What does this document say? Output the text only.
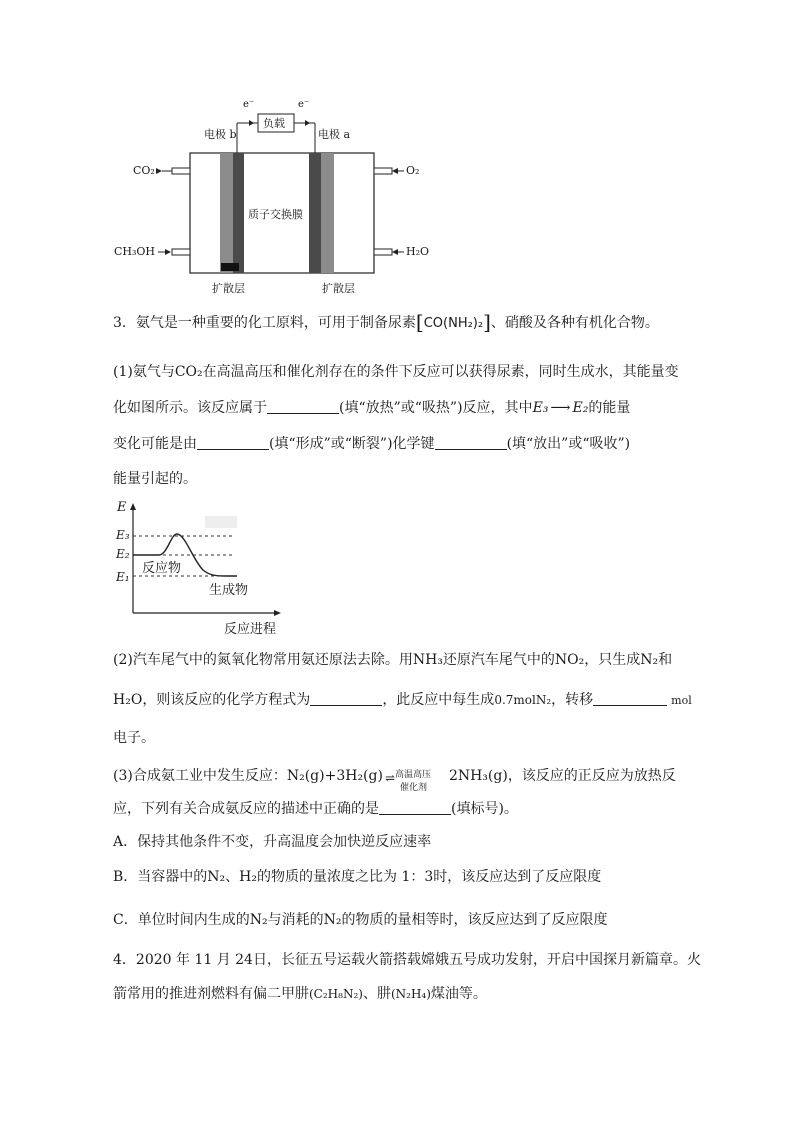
e⁻	e⁻
负载
电极 b	电极 a
质子交换膜
扩散层	扩散层
CO₂
CH₃OH
O₂
H₂O
3．氨气是一种重要的化工原料，可用于制备尿素[CO(NH₂)₂]、硝酸及各种有机化合物。
(1)氨气与CO₂在高温高压和催化剂存在的条件下反应可以获得尿素，同时生成水，其能量变
化如图所示。该反应属于	(填“放热”或“吸热”)反应，其中E₃ ⟶ E₂的能量
变化可能是由	(填“形成”或“断裂”)化学键	(填“放出”或“吸收”)
能量引起的。
E
E₃
E₂
E₁
反应物
生成物
反应进程
(2)汽车尾气中的氮氧化物常用氨还原法去除。用NH₃还原汽车尾气中的NO₂，只生成N₂和
H₂O，则该反应的化学方程式为	，此反应中每生成0.7molN₂，转移	mol
电子。
(3)合成氨工业中发生反应：N₂(g)+3H₂(g) 高温高压
⇌
催化剂
2NH₃(g)，该反应的正反应为放热反
应，下列有关合成氨反应的描述中正确的是	(填标号)。
A．保持其他条件不变，升高温度会加快逆反应速率
B．当容器中的N₂、H₂的物质的量浓度之比为 1：3时，该反应达到了反应限度
C．单位时间内生成的N₂与消耗的N₂的物质的量相等时，该反应达到了反应限度
4．2020 年 11 月 24日，长征五号运载火箭搭载嫦娥五号成功发射，开启中国探月新篇章。火
箭常用的推进剂燃料有偏二甲肼(C₂H₈N₂)、肼(N₂H₄)煤油等。
